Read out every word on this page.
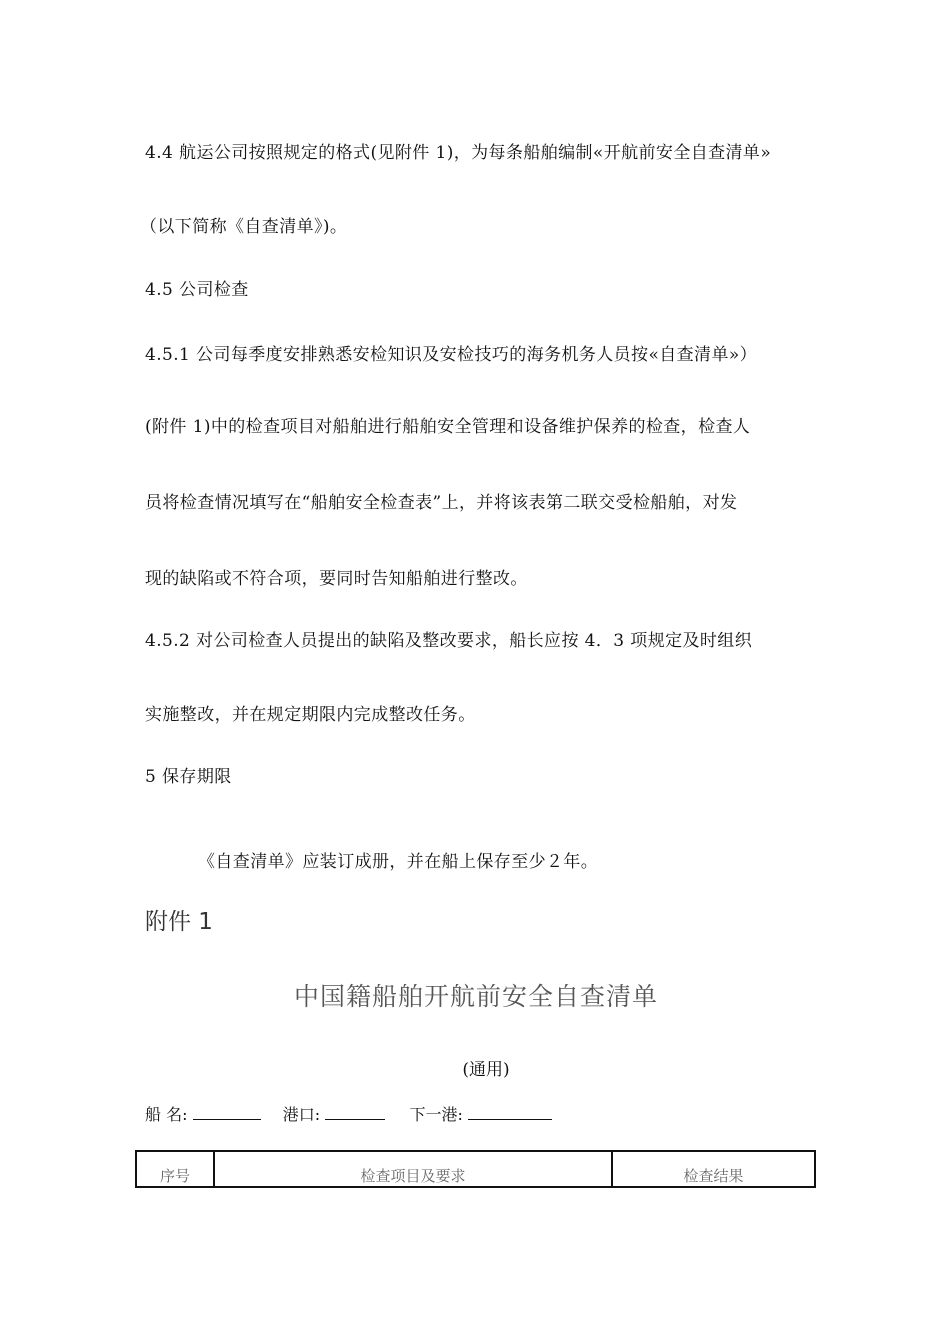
4.4 航运公司按照规定的格式(见附件 1)，为每条船舶编制«开航前安全自查清单»
（以下简称《自查清单》)。
4.5 公司检查
4.5.1 公司每季度安排熟悉安检知识及安检技巧的海务机务人员按«自查清单»）
(附件 1)中的检查项目对船舶进行船舶安全管理和设备维护保养的检查，检查人
员将检查情况填写在“船舶安全检查表”上，并将该表第二联交受检船舶，对发
现的缺陷或不符合项，要同时告知船舶进行整改。
4.5.2 对公司检查人员提出的缺陷及整改要求，船长应按 4．3 项规定及时组织
实施整改，并在规定期限内完成整改任务。
5 保存期限
《自查清单》应装订成册，并在船上保存至少２年。
附件 1
中国籍船舶开航前安全自查清单
(通用)
船 名:	港口:	下一港:
序号	检查项目及要求	检查结果
